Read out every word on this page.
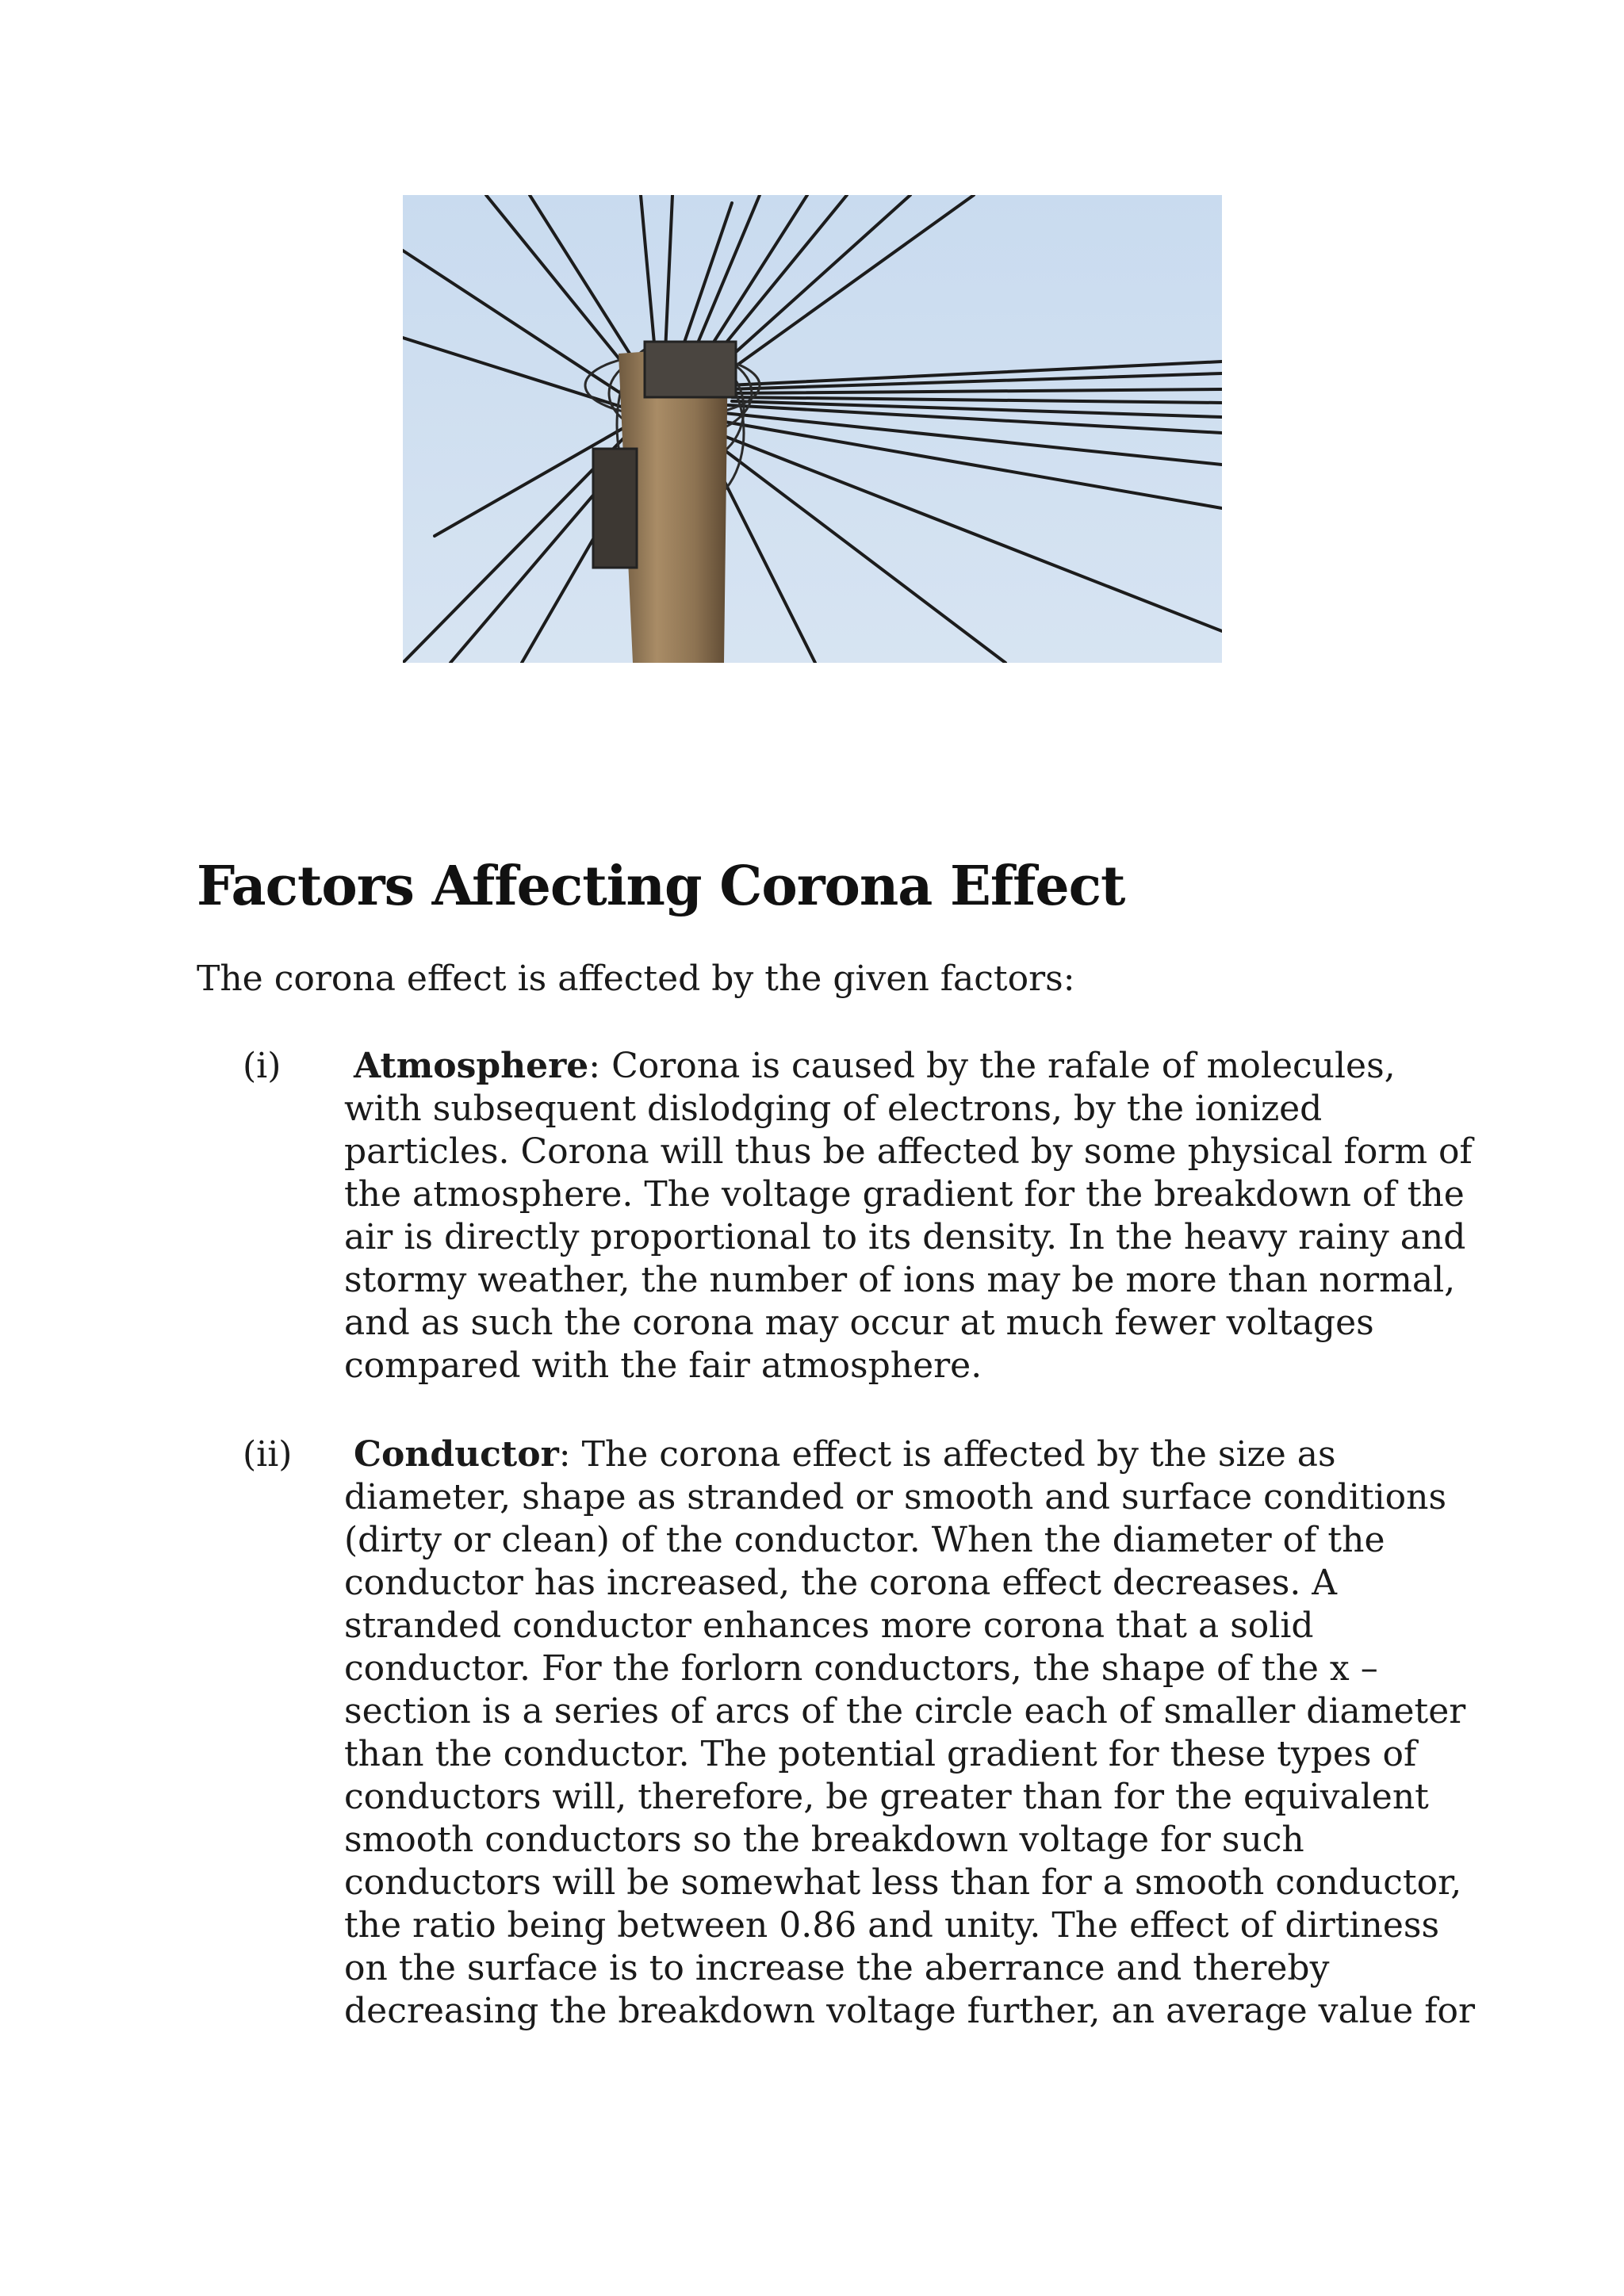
Factors Affecting Corona Effect

The corona effect is affected by the given factors:

(i) Atmosphere: Corona is caused by the rafale of molecules,
with subsequent dislodging of electrons, by the ionized
particles. Corona will thus be affected by some physical form of
the atmosphere. The voltage gradient for the breakdown of the
air is directly proportional to its density. In the heavy rainy and
stormy weather, the number of ions may be more than normal,
and as such the corona may occur at much fewer voltages
compared with the fair atmosphere.
(ii) Conductor: The corona effect is affected by the size as
diameter, shape as stranded or smooth and surface conditions
(dirty or clean) of the conductor. When the diameter of the
conductor has increased, the corona effect decreases. A
stranded conductor enhances more corona that a solid
conductor. For the forlorn conductors, the shape of the x –
section is a series of arcs of the circle each of smaller diameter
than the conductor. The potential gradient for these types of
conductors will, therefore, be greater than for the equivalent
smooth conductors so the breakdown voltage for such
conductors will be somewhat less than for a smooth conductor,
the ratio being between 0.86 and unity. The effect of dirtiness
on the surface is to increase the aberrance and thereby
decreasing the breakdown voltage further, an average value for
